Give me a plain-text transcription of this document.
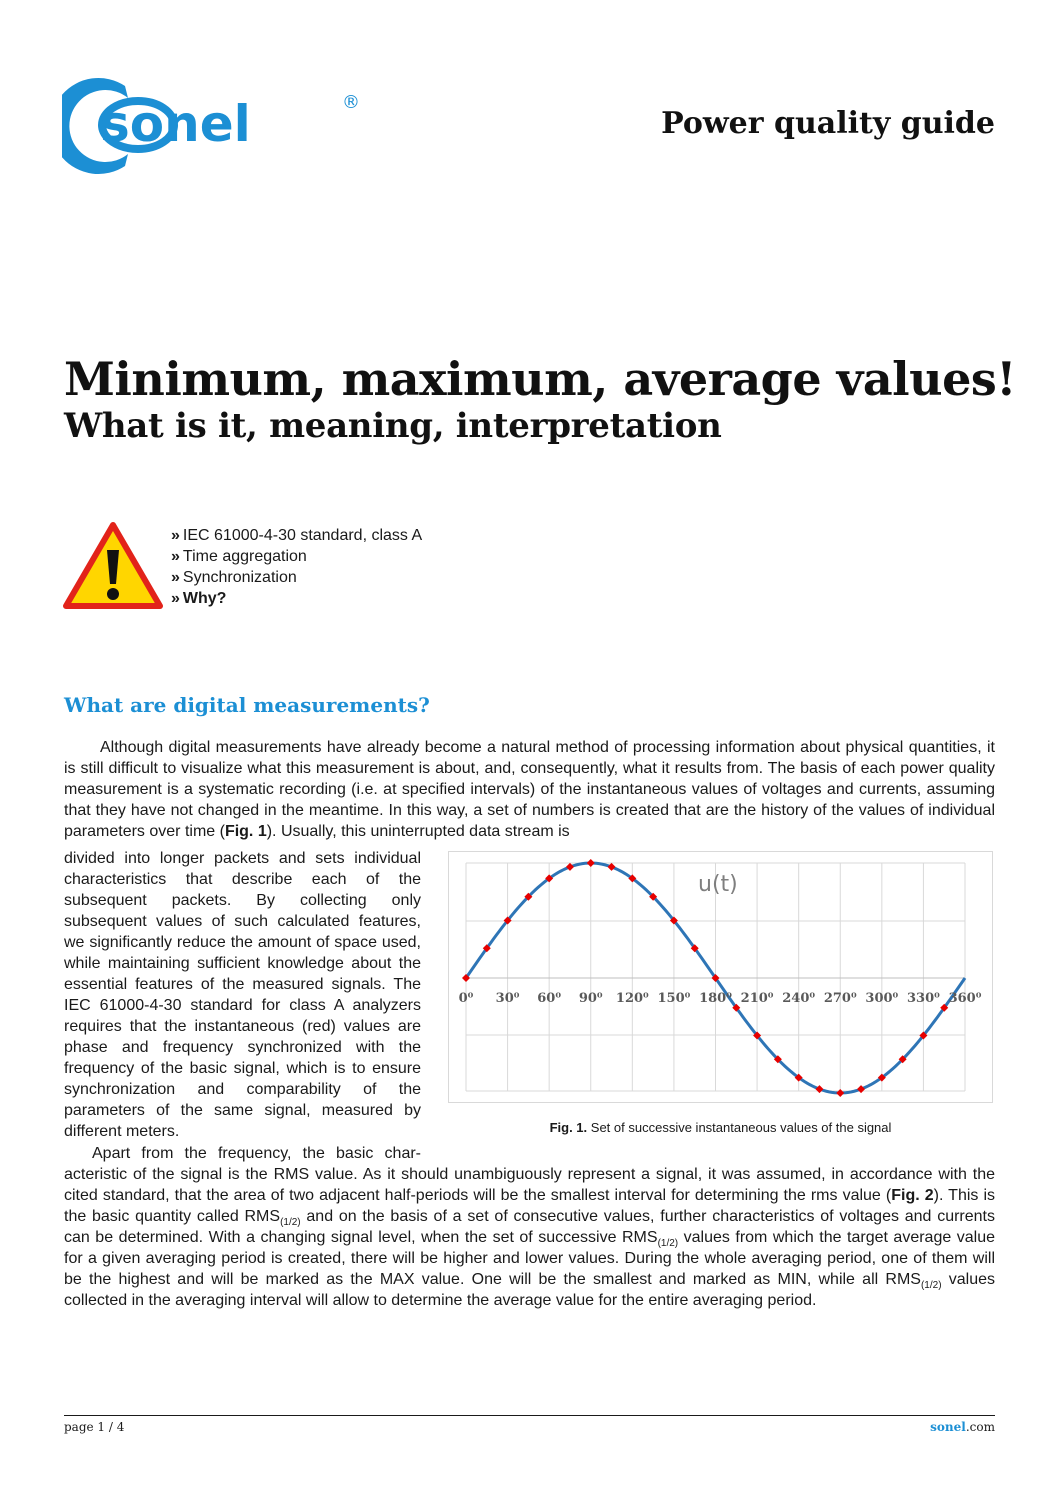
sonel	®
Power quality guide
Minimum, maximum, average values!
What is it, meaning, interpretation
» IEC 61000-4-30 standard, class A
» Time aggregation
» Synchronization
» Why?
What are digital measurements?

Although digital measurements have already become a natural method of processing information about physical quantities, it is still difficult to visualize what this measurement is about, and, consequently, what it results from. The basis of each power quality measurement is a systematic recording (i.e. at specified intervals) of the instantaneous values of voltages and currents, assuming that they have not changed in the meantime. In this way, a set of numbers is created that are the history of the values of individual parameters over time (Fig. 1). Usually, this uninterrupted data stream is

divided into longer packets and sets individual characteristics that describe each of the subsequent packets. By collecting only subsequent values of such calculated features, we significantly reduce the amount of space used, while maintaining sufficient knowledge about the essential features of the measured signals. The IEC 61000-4-30 standard for class A analyzers requires that the instantaneous (red) values are phase and frequency synchronized with the frequency of the basic signal, which is to ensure synchronization and comparability of the parameters of the same signal, measured by different meters.

0⁰ 30⁰ 60⁰ 90⁰ 120⁰ 150⁰ 180⁰ 210⁰ 240⁰ 270⁰ 300⁰ 330⁰ 360⁰
u(t)
Fig. 1. Set of successive instantaneous values of the signal
Apart from the frequency, the basic char-
acteristic of the signal is the RMS value. As it should unambiguously represent a signal, it was assumed, in accordance with the cited standard, that the area of two adjacent half-periods will be the smallest interval for determining the rms value (Fig. 2). This is the basic quantity called $RMS_{(1/2)}$ and on the basis of a set of consecutive values, further characteristics of voltages and currents can be determined. With a changing signal level, when the set of successive $RMS_{(1/2)}$ values from which the target average value for a given averaging period is created, there will be higher and lower values. During the whole averaging period, one of them will be the highest and will be marked as the MAX value. One will be the smallest and marked as MIN, while all $RMS_{(1/2)}$ values collected in the averaging interval will allow to determine the average value for the entire averaging period.
page 1 / 4	sonel.com
